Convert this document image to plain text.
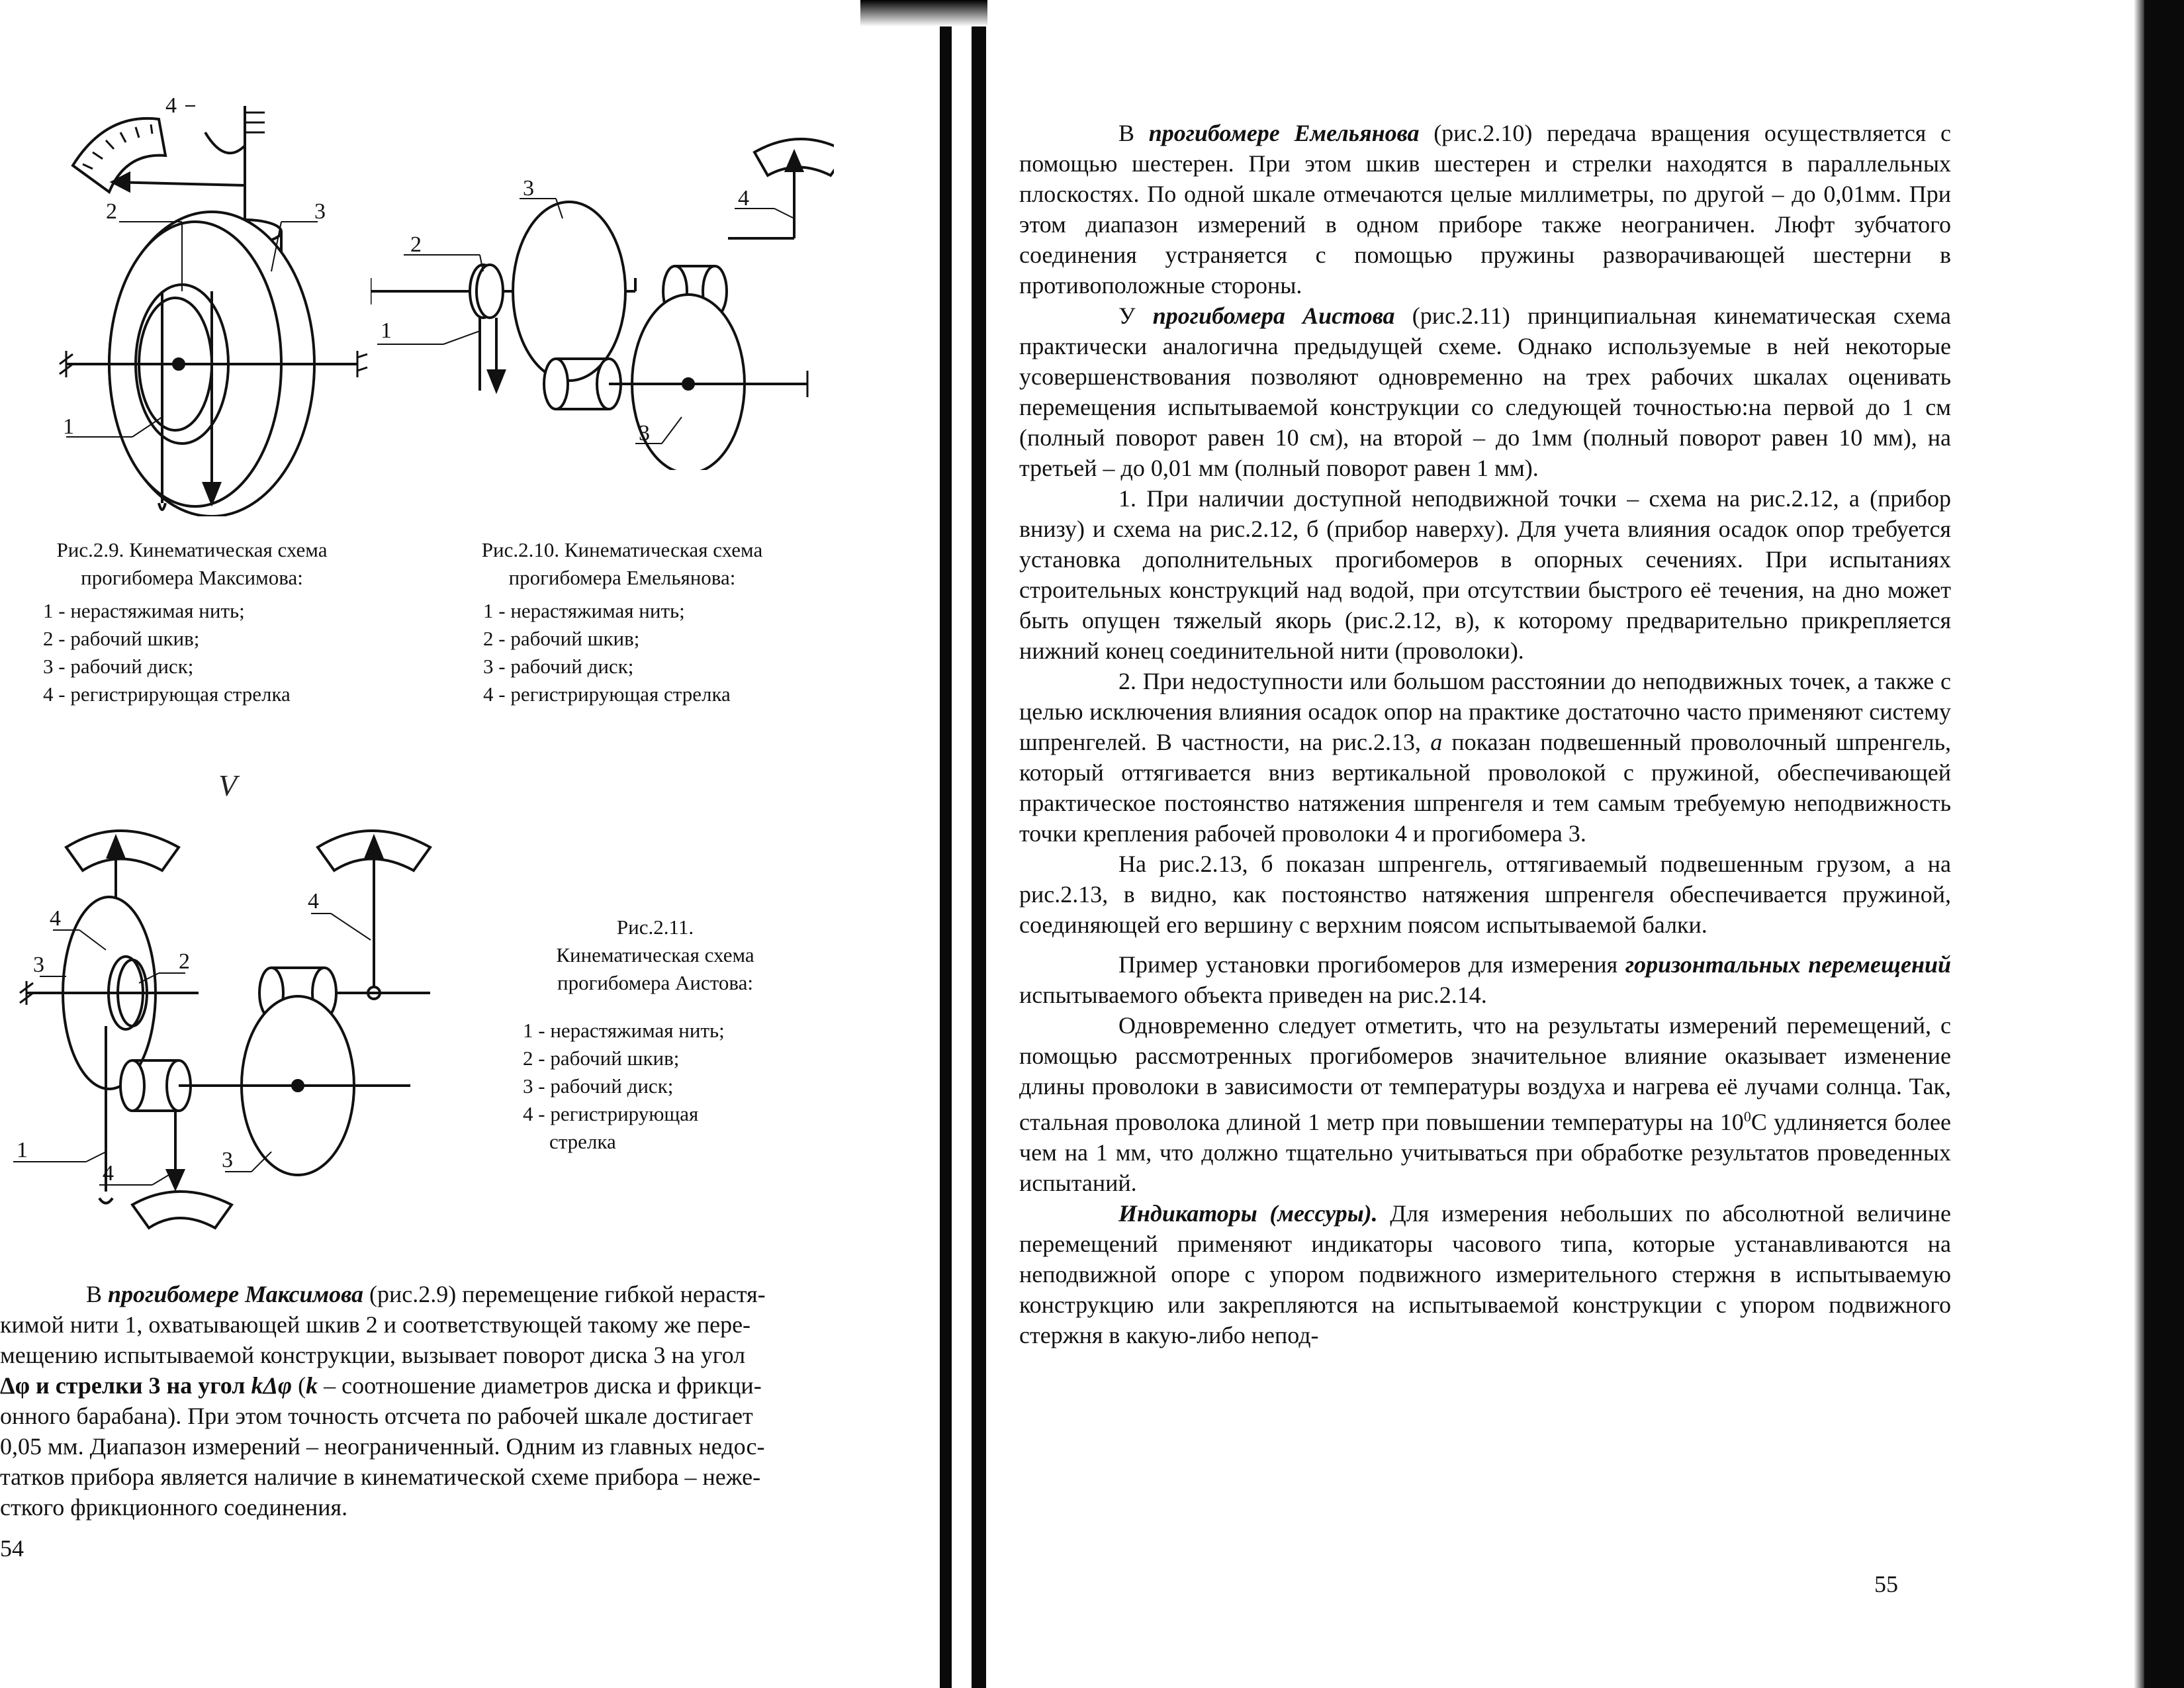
1
2	3
4
1
2
3
3
4
Рис.2.9. Кинематическая схема прогибомера Максимова:
1 - нерастяжимая нить;
2 - рабочий шкив;
3 - рабочий диск;
4 - регистрирующая стрелка
Рис.2.10. Кинематическая схема прогибомера Емельянова:
1 - нерастяжимая нить;
2 - рабочий шкив;
3 - рабочий диск;
4 - регистрирующая стрелка
V
4
3	2
4
1
4
3
Рис.2.11.
Кинематическая схема
прогибомера Аистова:
1 - нерастяжимая нить;
2 - рабочий шкив;
3 - рабочий диск;
4 - регистрирующая
стрелка
В прогибомере Максимова (рис.2.9) перемещение гибкой нерастя-
кимой нити 1, охватывающей шкив 2 и соответствующей такому же пере-
мещению испытываемой конструкции, вызывает поворот диска 3 на угол
Δφ и стрелки 3 на угол kΔφ (k – соотношение диаметров диска и фрикци-
онного барабана). При этом точность отсчета по рабочей шкале достигает
0,05 мм. Диапазон измерений – неограниченный. Одним из главных недос-
татков прибора является наличие в кинематической схеме прибора – неже-
сткого фрикционного соединения.
54

В прогибомере Емельянова (рис.2.10) передача вращения осуществляется с помощью шестерен. При этом шкив шестерен и стрелки находятся в параллельных плоскостях. По одной шкале отмечаются целые миллиметры, по другой – до 0,01мм. При этом диапазон измерений в одном приборе также неограничен. Люфт зубчатого соединения устраняется с помощью пружины разворачивающей шестерни в противоположные стороны.

У прогибомера Аистова (рис.2.11) принципиальная кинематическая схема практически аналогична предыдущей схеме. Однако используемые в ней некоторые усовершенствования позволяют одновременно на трех рабочих шкалах оценивать перемещения испытываемой конструкции со следующей точностью:на первой до 1 см (полный поворот равен 10 см), на второй – до 1мм (полный поворот равен 10 мм), на третьей – до 0,01 мм (полный поворот равен 1 мм).

1. При наличии доступной неподвижной точки – схема на рис.2.12, а (прибор внизу) и схема на рис.2.12, б (прибор наверху). Для учета влияния осадок опор требуется установка дополнительных прогибомеров в опорных сечениях. При испытаниях строительных конструкций над водой, при отсутствии быстрого её течения, на дно может быть опущен тяжелый якорь (рис.2.12, в), к которому предварительно прикрепляется нижний конец соединительной нити (проволоки).

2. При недоступности или большом расстоянии до неподвижных точек, а также с целью исключения влияния осадок опор на практике достаточно часто применяют систему шпренгелей. В частности, на рис.2.13, а показан подвешенный проволочный шпренгель, который оттягивается вниз вертикальной проволокой с пружиной, обеспечивающей практическое постоянство натяжения шпренгеля и тем самым требуемую неподвижность точки крепления рабочей проволоки 4 и прогибомера 3.

На рис.2.13, б показан шпренгель, оттягиваемый подвешенным грузом, а на рис.2.13, в видно, как постоянство натяжения шпренгеля обеспечивается пружиной, соединяющей его вершину с верхним поясом испытываемой балки.

Пример установки прогибомеров для измерения горизонтальных перемещений испытываемого объекта приведен на рис.2.14.

Одновременно следует отметить, что на результаты измерений перемещений, с помощью рассмотренных прогибомеров значительное влияние оказывает изменение длины проволоки в зависимости от температуры воздуха и нагрева её лучами солнца. Так, стальная проволока длиной 1 метр при повышении температуры на $10^0С$ удлиняется более чем на 1 мм, что должно тщательно учитываться при обработке результатов проведенных испытаний.

Индикаторы (мессуры). Для измерения небольших по абсолютной величине перемещений применяют индикаторы часового типа, которые устанавливаются на неподвижной опоре с упором подвижного измерительного стержня в испытываемую конструкцию или закрепляются на испытываемой конструкции с упором подвижного стержня в какую-либо непод-

55
